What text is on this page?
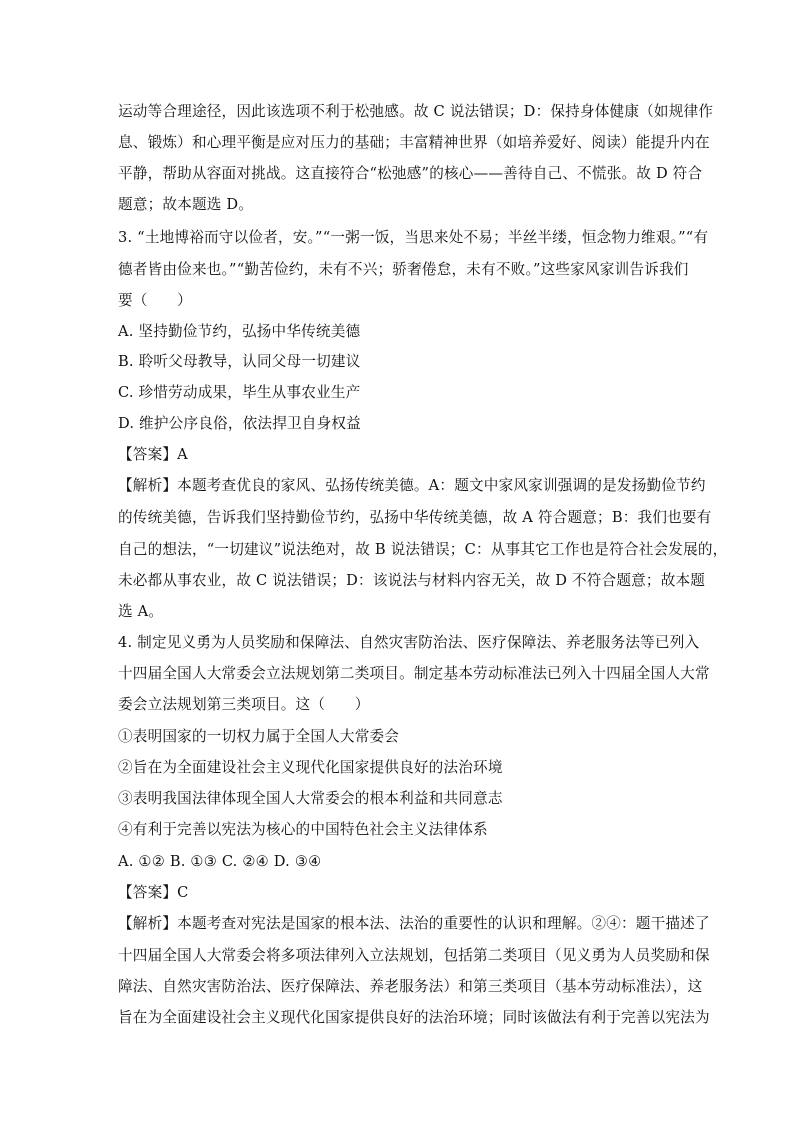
运动等合理途径，因此该选项不利于松弛感。故 C 说法错误；D：保持身体健康（如规律作
息、锻炼）和心理平衡是应对压力的基础；丰富精神世界（如培养爱好、阅读）能提升内在
平静，帮助从容面对挑战。这直接符合“松弛感”的核心——善待自己、不慌张。故 D 符合
题意；故本题选 D。
3. “土地博裕而守以俭者，安。”“一粥一饭，当思来处不易；半丝半缕，恒念物力维艰。”“有
德者皆由俭来也。”“勤苦俭约，未有不兴；骄奢倦怠，未有不败。”这些家风家训告诉我们
要（　　）
A. 坚持勤俭节约，弘扬中华传统美德
B. 聆听父母教导，认同父母一切建议
C. 珍惜劳动成果，毕生从事农业生产
D. 维护公序良俗，依法捍卫自身权益
【答案】A
【解析】本题考查优良的家风、弘扬传统美德。A：题文中家风家训强调的是发扬勤俭节约
的传统美德，告诉我们坚持勤俭节约，弘扬中华传统美德，故 A 符合题意；B：我们也要有
自己的想法，“一切建议”说法绝对，故 B 说法错误；C：从事其它工作也是符合社会发展的，
未必都从事农业，故 C 说法错误；D：该说法与材料内容无关，故 D 不符合题意；故本题
选 A。
4. 制定见义勇为人员奖励和保障法、自然灾害防治法、医疗保障法、养老服务法等已列入
十四届全国人大常委会立法规划第二类项目。制定基本劳动标准法已列入十四届全国人大常
委会立法规划第三类项目。这（　　）
①表明国家的一切权力属于全国人大常委会
②旨在为全面建设社会主义现代化国家提供良好的法治环境
③表明我国法律体现全国人大常委会的根本利益和共同意志
④有利于完善以宪法为核心的中国特色社会主义法律体系
A. ①② B. ①③ C. ②④ D. ③④
【答案】C
【解析】本题考查对宪法是国家的根本法、法治的重要性的认识和理解。②④：题干描述了
十四届全国人大常委会将多项法律列入立法规划，包括第二类项目（见义勇为人员奖励和保
障法、自然灾害防治法、医疗保障法、养老服务法）和第三类项目（基本劳动标准法），这
旨在为全面建设社会主义现代化国家提供良好的法治环境；同时该做法有利于完善以宪法为
